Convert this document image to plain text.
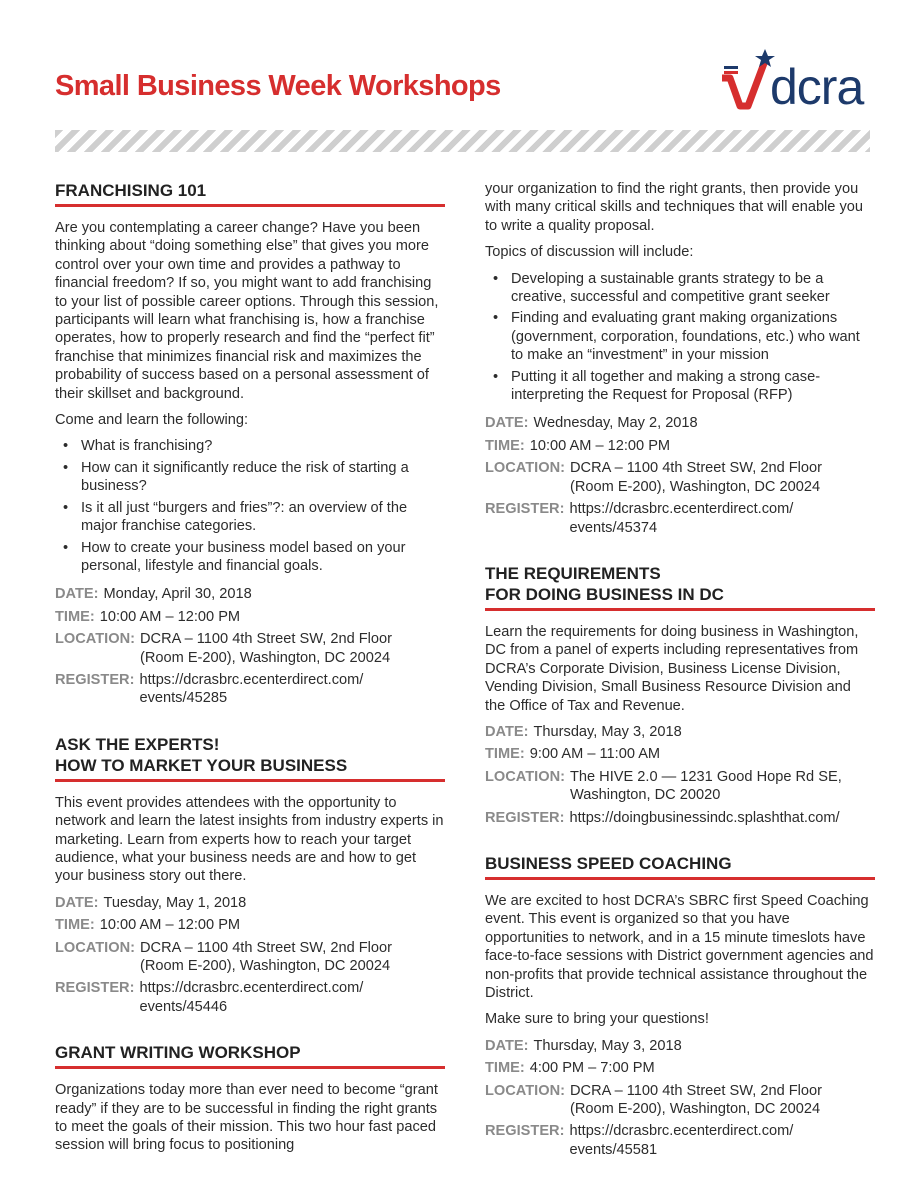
Small Business Week Workshops	dcra
FRANCHISING 101

Are you contemplating a career change? Have you been thinking about “doing something else” that gives you more control over your own time and provides a pathway to financial freedom? If so, you might want to add franchising to your list of possible career options. Through this session, participants will learn what franchising is, how a franchise operates, how to properly research and find the “perfect fit” franchise that minimizes financial risk and maximizes the probability of success based on a personal assessment of their skillset and background.

Come and learn the following:

• What is franchising?
• How can it significantly reduce the risk of starting a business?
• Is it all just “burgers and fries”?: an overview of the major franchise categories.
• How to create your business model based on your personal, lifestyle and financial goals.
DATE: Monday, April 30, 2018
TIME: 10:00 AM – 12:00 PM
LOCATION: DCRA – 1100 4th Street SW, 2nd Floor
(Room E-200), Washington, DC 20024
REGISTER: https://dcrasbrc.ecenterdirect.com/
events/45285
ASK THE EXPERTS!
HOW TO MARKET YOUR BUSINESS

This event provides attendees with the opportunity to network and learn the latest insights from industry experts in marketing. Learn from experts how to reach your target audience, what your business needs are and how to get your business story out there.

DATE: Tuesday, May 1, 2018
TIME: 10:00 AM – 12:00 PM
LOCATION: DCRA – 1100 4th Street SW, 2nd Floor
(Room E-200), Washington, DC 20024
REGISTER: https://dcrasbrc.ecenterdirect.com/
events/45446
GRANT WRITING WORKSHOP

Organizations today more than ever need to become “grant ready” if they are to be successful in finding the right grants to meet the goals of their mission. This two hour fast paced session will bring focus to positioning

your organization to find the right grants, then provide you with many critical skills and techniques that will enable you to write a quality proposal.

Topics of discussion will include:

• Developing a sustainable grants strategy to be a creative, successful and competitive grant seeker
• Finding and evaluating grant making organizations (government, corporation, foundations, etc.) who want to make an “investment” in your mission
• Putting it all together and making a strong case-interpreting the Request for Proposal (RFP)
DATE: Wednesday, May 2, 2018
TIME: 10:00 AM – 12:00 PM
LOCATION: DCRA – 1100 4th Street SW, 2nd Floor
(Room E-200), Washington, DC 20024
REGISTER: https://dcrasbrc.ecenterdirect.com/
events/45374
THE REQUIREMENTS
FOR DOING BUSINESS IN DC

Learn the requirements for doing business in Washington, DC from a panel of experts including representatives from DCRA’s Corporate Division, Business License Division, Vending Division, Small Business Resource Division and the Office of Tax and Revenue.

DATE: Thursday, May 3, 2018
TIME: 9:00 AM – 11:00 AM
LOCATION: The HIVE 2.0 — 1231 Good Hope Rd SE,
Washington, DC 20020
REGISTER: https://doingbusinessindc.splashthat.com/
BUSINESS SPEED COACHING

We are excited to host DCRA’s SBRC first Speed Coaching event. This event is organized so that you have opportunities to network, and in a 15 minute timeslots have face-to-face sessions with District government agencies and non-profits that provide technical assistance throughout the District.

Make sure to bring your questions!

DATE: Thursday, May 3, 2018
TIME: 4:00 PM – 7:00 PM
LOCATION: DCRA – 1100 4th Street SW, 2nd Floor
(Room E-200), Washington, DC 20024
REGISTER: https://dcrasbrc.ecenterdirect.com/
events/45581
